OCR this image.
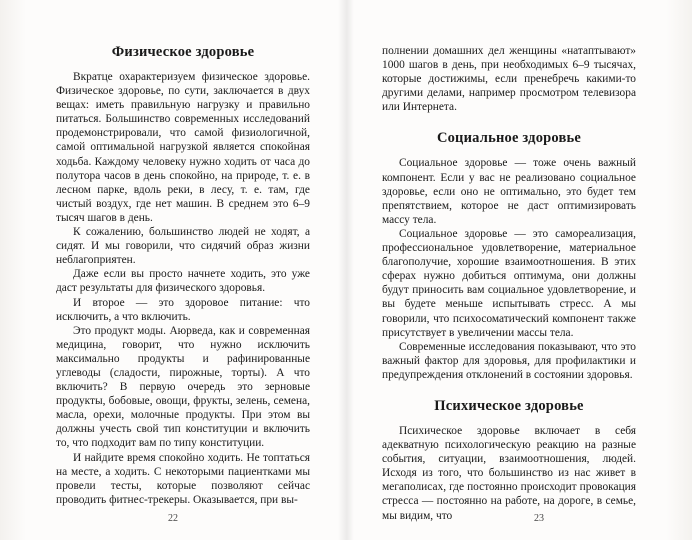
Физическое здоровье

Вкратце охарактеризуем физическое здоровье. Физическое здоровье, по сути, заключается в двух вещах: иметь правильную нагрузку и правильно питаться. Большинство современных исследований продемонстрировали, что самой физиологичной, самой оптимальной нагрузкой является спокойная ходьба. Каждому человеку нужно ходить от часа до полутора часов в день спокойно, на природе, т. е. в лесном парке, вдоль реки, в лесу, т. е. там, где чистый воздух, где нет машин. В среднем это 6–9 тысяч шагов в день.

К сожалению, большинство людей не ходят, а сидят. И мы говорили, что сидячий образ жизни неблагоприятен.

Даже если вы просто начнете ходить, это уже даст результаты для физического здоровья.

И второе — это здоровое питание: что исключить, а что включить.

Это продукт моды. Аюрведа, как и современная медицина, говорит, что нужно исключить максимально продукты и рафинированные углеводы (сладости, пирожные, торты). А что включить? В первую очередь это зерновые продукты, бобовые, овощи, фрукты, зелень, семена, масла, орехи, молочные продукты. При этом вы должны учесть свой тип конституции и включить то, что подходит вам по типу конституции.

И найдите время спокойно ходить. Не топтаться на месте, а ходить. С некоторыми пациентками мы провели тесты, которые позволяют сейчас проводить фитнес-трекеры. Оказывается, при вы-

22

полнении домашних дел женщины «натаптывают» 1000 шагов в день, при необходимых 6–9 тысячах, которые достижимы, если пренебречь какими-то другими делами, например просмотром телевизора или Интернета.

Социальное здоровье

Социальное здоровье — тоже очень важный компонент. Если у вас не реализовано социальное здоровье, если оно не оптимально, это будет тем препятствием, которое не даст оптимизировать массу тела.

Социальное здоровье — это самореализация, профессиональное удовлетворение, материальное благополучие, хорошие взаимоотношения. В этих сферах нужно добиться оптимума, они должны будут приносить вам социальное удовлетворение, и вы будете меньше испытывать стресс. А мы говорили, что психосоматический компонент также присутствует в увеличении массы тела.

Современные исследования показывают, что это важный фактор для здоровья, для профилактики и предупреждения отклонений в состоянии здоровья.

Психическое здоровье

Психическое здоровье включает в себя адекватную психологическую реакцию на разные события, ситуации, взаимоотношения, людей. Исходя из того, что большинство из нас живет в мегаполисах, где постоянно происходит провокация стресса — постоянно на работе, на дороге, в семье, мы видим, что	23
